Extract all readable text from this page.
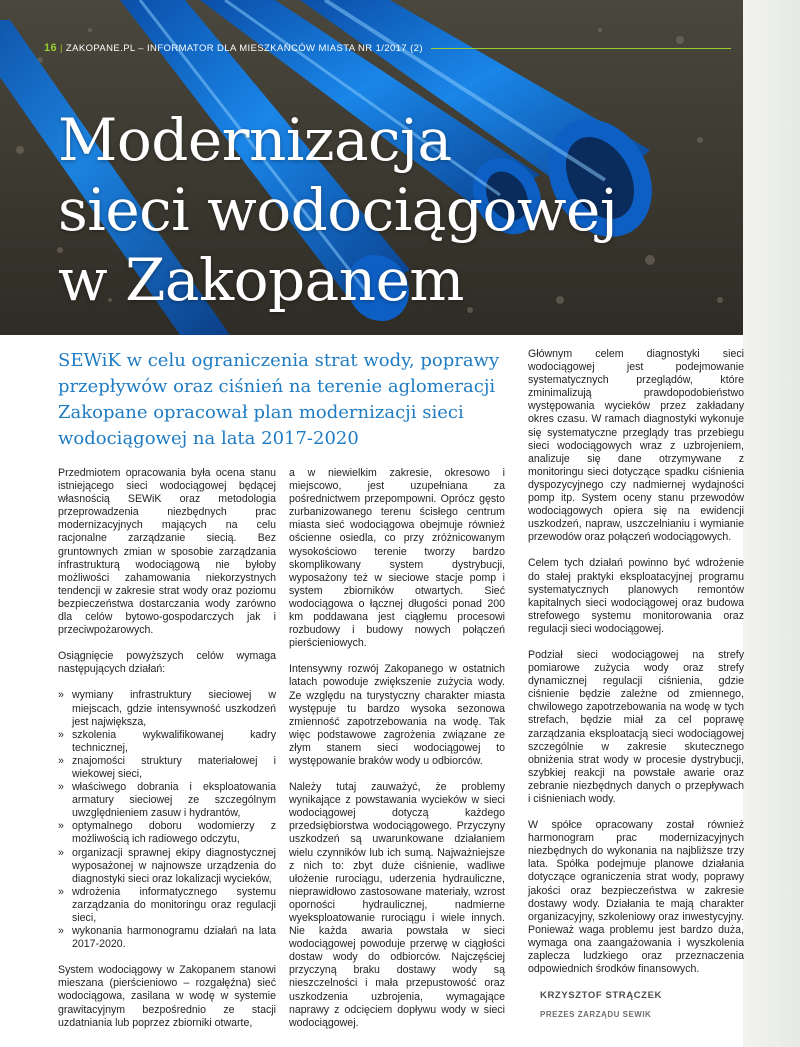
16 | ZAKOPANE.PL – INFORMATOR DLA MIESZKAŃCÓW MIASTA NR 1/2017 (2)
Modernizacja
sieci wodociągowej
w Zakopanem
SEWiK w celu ograniczenia strat wody, poprawy
przepływów oraz ciśnień na terenie aglomeracji
Zakopane opracował plan modernizacji sieci
wodociągowej na lata 2017-2020

Przedmiotem opracowania była ocena stanu istniejącego sieci wodociągowej będącej własnością SEWiK oraz metodologia przeprowadzenia niezbędnych prac modernizacyjnych mających na celu racjonalne zarządzanie siecią. Bez gruntownych zmian w sposobie zarządzania infrastrukturą wodociągową nie byłoby możliwości zahamowania niekorzystnych tendencji w zakresie strat wody oraz poziomu bezpieczeństwa dostarczania wody zarówno dla celów bytowo-gospodarczych jak i przeciwpożarowych.

Osiągnięcie powyższych celów wymaga następujących działań:

» wymiany infrastruktury sieciowej w miejscach, gdzie intensywność uszkodzeń jest największa,
» szkolenia wykwalifikowanej kadry technicznej,
» znajomości struktury materiałowej i wiekowej sieci,
» właściwego dobrania i eksploatowania armatury sieciowej ze szczególnym uwzględnieniem zasuw i hydrantów,
» optymalnego doboru wodomierzy z możliwością ich radiowego odczytu,
» organizacji sprawnej ekipy diagnostycznej wyposażonej w najnowsze urządzenia do diagnostyki sieci oraz lokalizacji wycieków,
» wdrożenia informatycznego systemu zarządzania do monitoringu oraz regulacji sieci,
» wykonania harmonogramu działań na lata 2017-2020.

System wodociągowy w Zakopanem stanowi mieszana (pierścieniowo – rozgałęźna) sieć wodociągowa, zasilana w wodę w systemie grawitacyjnym bezpośrednio ze stacji uzdatniania lub poprzez zbiorniki otwarte,

a w niewielkim zakresie, okresowo i miejscowo, jest uzupełniana za pośrednictwem przepompowni. Oprócz gęsto zurbanizowanego terenu ścisłego centrum miasta sieć wodociągowa obejmuje również ościenne osiedla, co przy zróżnicowanym wysokościowo terenie tworzy bardzo skomplikowany system dystrybucji, wyposażony też w sieciowe stacje pomp i system zbiorników otwartych. Sieć wodociągowa o łącznej długości ponad 200 km poddawana jest ciągłemu procesowi rozbudowy i budowy nowych połączeń pierścieniowych.

Intensywny rozwój Zakopanego w ostatnich latach powoduje zwiększenie zużycia wody. Ze względu na turystyczny charakter miasta występuje tu bardzo wysoka sezonowa zmienność zapotrzebowania na wodę. Tak więc podstawowe zagrożenia związane ze złym stanem sieci wodociągowej to występowanie braków wody u odbiorców.

Należy tutaj zauważyć, że problemy wynikające z powstawania wycieków w sieci wodociągowej dotyczą każdego przedsiębiorstwa wodociągowego. Przyczyny uszkodzeń są uwarunkowane działaniem wielu czynników lub ich sumą. Najważniejsze z nich to: zbyt duże ciśnienie, wadliwe ułożenie rurociągu, uderzenia hydrauliczne, nieprawidłowo zastosowane materiały, wzrost oporności hydraulicznej, nadmierne wyeksploatowanie rurociągu i wiele innych. Nie każda awaria powstała w sieci wodociągowej powoduje przerwę w ciągłości dostaw wody do odbiorców. Najczęściej przyczyną braku dostawy wody są nieszczelności i mała przepustowość oraz uszkodzenia uzbrojenia, wymagające naprawy z odcięciem dopływu wody w sieci wodociągowej.

Głównym celem diagnostyki sieci wodociągowej jest podejmowanie systematycznych przeglądów, które zminimalizują prawdopodobieństwo występowania wycieków przez zakładany okres czasu. W ramach diagnostyki wykonuje się systematyczne przeglądy tras przebiegu sieci wodociągowych wraz z uzbrojeniem, analizuje się dane otrzymywane z monitoringu sieci dotyczące spadku ciśnienia dyspozycyjnego czy nadmiernej wydajności pomp itp. System oceny stanu przewodów wodociągowych opiera się na ewidencji uszkodzeń, napraw, uszczelnianiu i wymianie przewodów oraz połączeń wodociągowych.

Celem tych działań powinno być wdrożenie do stałej praktyki eksploatacyjnej programu systematycznych planowych remontów kapitalnych sieci wodociągowej oraz budowa strefowego systemu monitorowania oraz regulacji sieci wodociągowej.

Podział sieci wodociągowej na strefy pomiarowe zużycia wody oraz strefy dynamicznej regulacji ciśnienia, gdzie ciśnienie będzie zależne od zmiennego, chwilowego zapotrzebowania na wodę w tych strefach, będzie miał za cel poprawę zarządzania eksploatacją sieci wodociągowej szczególnie w zakresie skutecznego obniżenia strat wody w procesie dystrybucji, szybkiej reakcji na powstałe awarie oraz zebranie niezbędnych danych o przepływach i ciśnieniach wody.

W spółce opracowany został również harmonogram prac modernizacyjnych niezbędnych do wykonania na najbliższe trzy lata. Spółka podejmuje planowe działania dotyczące ograniczenia strat wody, poprawy jakości oraz bezpieczeństwa w zakresie dostawy wody. Działania te mają charakter organizacyjny, szkoleniowy oraz inwestycyjny. Ponieważ waga problemu jest bardzo duża, wymaga ona zaangażowania i wyszkolenia zaplecza ludzkiego oraz przeznaczenia odpowiednich środków finansowych.

KRZYSZTOF STRĄCZEK
PREZES ZARZĄDU SEWIK
